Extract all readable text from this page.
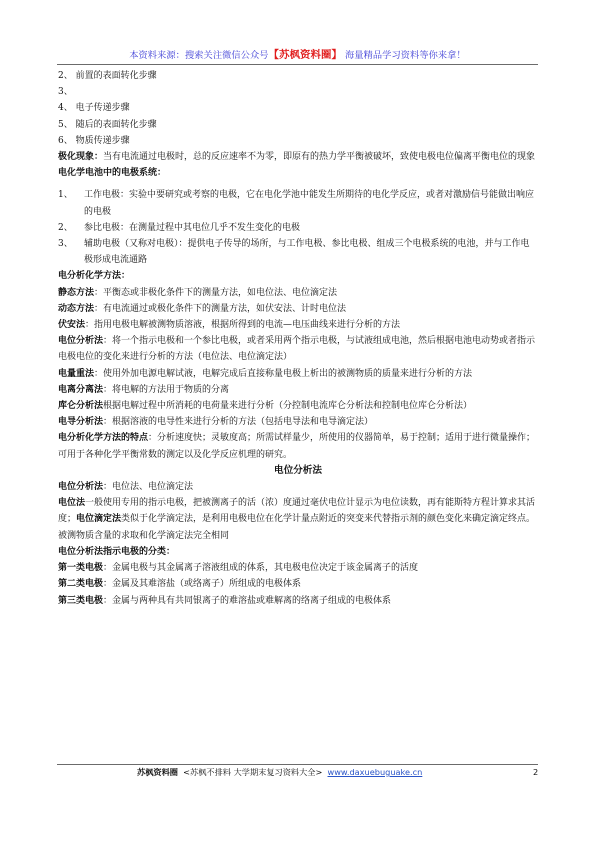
本资料来源：搜索关注微信公众号【苏枫资料圈】 海量精品学习资料等你来拿！

2、 前置的表面转化步骤

3、

4、 电子传递步骤

5、 随后的表面转化步骤

6、 物质传递步骤

极化现象：当有电流通过电极时，总的反应速率不为零，即原有的热力学平衡被破坏，致使电极电位偏离平衡电位的现象

电化学电池中的电极系统：

1、 工作电极：实验中要研究或考察的电极，它在电化学池中能发生所期待的电化学反应，或者对激励信号能做出响应的电极
2、 参比电极：在测量过程中其电位几乎不发生变化的电极
3、 辅助电极（又称对电极）：提供电子传导的场所，与工作电极、参比电极、组成三个电极系统的电池，并与工作电极形成电流通路

电分析化学方法：

静态方法：平衡态或非极化条件下的测量方法，如电位法、电位滴定法

动态方法：有电流通过或极化条件下的测量方法，如伏安法、计时电位法

伏安法：指用电极电解被测物质溶液，根据所得到的电流—电压曲线来进行分析的方法

电位分析法：将一个指示电极和一个参比电极，或者采用两个指示电极，与试液组成电池，然后根据电池电动势或者指示电极电位的变化来进行分析的方法（电位法、电位滴定法）

电量重法：使用外加电源电解试液，电解完成后直接称量电极上析出的被测物质的质量来进行分析的方法

电离分离法：将电解的方法用于物质的分离

库仑分析法根据电解过程中所消耗的电荷量来进行分析（分控制电流库仑分析法和控制电位库仑分析法）

电导分析法：根据溶液的电导性来进行分析的方法（包括电导法和电导滴定法）

电分析化学方法的特点：分析速度快；灵敏度高；所需试样量少，所使用的仪器简单，易于控制；适用于进行微量操作；可用于各种化学平衡常数的测定以及化学反应机理的研究。

电位分析法

电位分析法：电位法、电位滴定法

电位法一般使用专用的指示电极，把被测离子的活（浓）度通过毫伏电位计显示为电位读数，再有能斯特方程计算求其活度；电位滴定法类似于化学滴定法，是利用电极电位在化学计量点附近的突变来代替指示剂的颜色变化来确定滴定终点。被测物质含量的求取和化学滴定法完全相同

电位分析法指示电极的分类：

第一类电极：金属电极与其金属离子溶液组成的体系，其电极电位决定于该金属离子的活度

第二类电极：金属及其难溶盐（或络离子）所组成的电极体系

第三类电极：金属与两种具有共同银离子的难溶盐或难解离的络离子组成的电极体系

苏枫资料圈 <苏枫不排料 大学期末复习资料大全> www.daxuebuguake.cn	2
